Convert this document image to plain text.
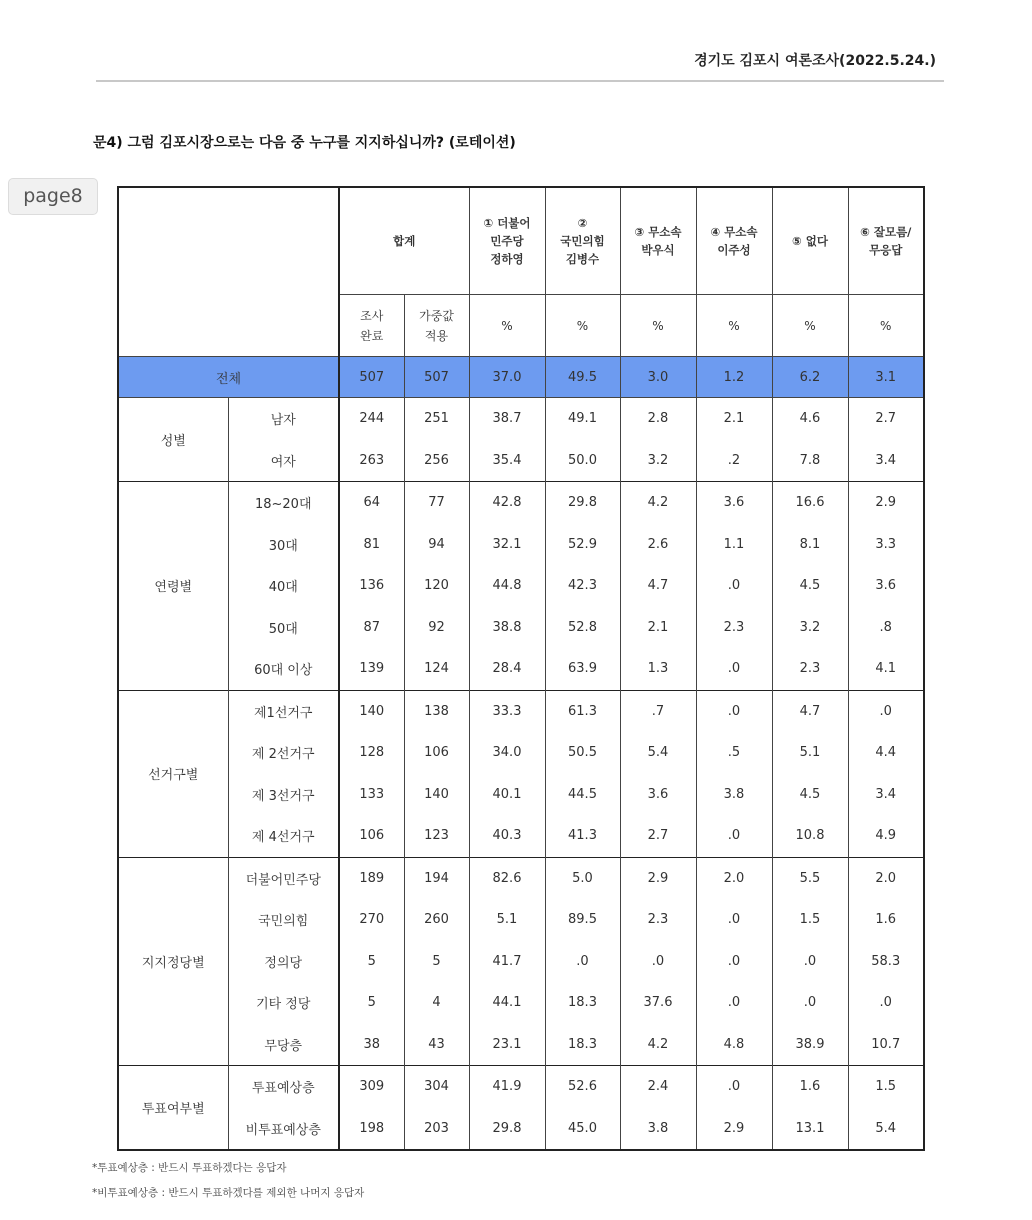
경기도 김포시 여론조사(2022.5.24.)
문4) 그럼 김포시장으로는 다음 중 누구를 지지하십니까? (로테이션)
page8
		합계		① 더불어
민주당
정하영	②
국민의힘
김병수	③ 무소속
박우식	④ 무소속
이주성	⑤ 없다	⑥ 잘모름/
무응답
		조사
완료	가중값
적용	%	%	%	%	%	%
전체		507	507	37.0	49.5	3.0	1.2	6.2	3.1
성별	남자	244	251	38.7	49.1	2.8	2.1	4.6	2.7
	여자	263	256	35.4	50.0	3.2	.2	7.8	3.4
연령별	18~20대	64	77	42.8	29.8	4.2	3.6	16.6	2.9
	30대	81	94	32.1	52.9	2.6	1.1	8.1	3.3
	40대	136	120	44.8	42.3	4.7	.0	4.5	3.6
	50대	87	92	38.8	52.8	2.1	2.3	3.2	.8
	60대 이상	139	124	28.4	63.9	1.3	.0	2.3	4.1
선거구별	제1선거구	140	138	33.3	61.3	.7	.0	4.7	.0
	제 2선거구	128	106	34.0	50.5	5.4	.5	5.1	4.4
	제 3선거구	133	140	40.1	44.5	3.6	3.8	4.5	3.4
	제 4선거구	106	123	40.3	41.3	2.7	.0	10.8	4.9
지지정당별	더불어민주당	189	194	82.6	5.0	2.9	2.0	5.5	2.0
	국민의힘	270	260	5.1	89.5	2.3	.0	1.5	1.6
	정의당	5	5	41.7	.0	.0	.0	.0	58.3
	기타 정당	5	4	44.1	18.3	37.6	.0	.0	.0
	무당층	38	43	23.1	18.3	4.2	4.8	38.9	10.7
투표여부별	투표예상층	309	304	41.9	52.6	2.4	.0	1.6	1.5
	비투표예상층	198	203	29.8	45.0	3.8	2.9	13.1	5.4
*투표예상층 : 반드시 투표하겠다는 응답자
*비투표예상층 : 반드시 투표하겠다를 제외한 나머지 응답자
